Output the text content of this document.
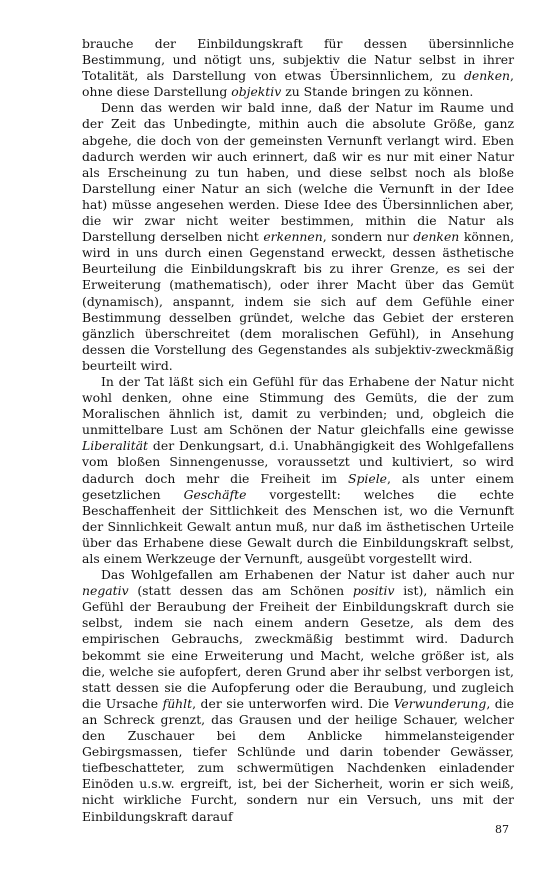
brauche der Einbildungskraft für dessen übersinnliche Bestimmung, und nötigt uns, subjektiv die Natur selbst in ihrer Totalität, als Darstellung von etwas Übersinnlichem, zu denken, ohne diese Darstellung objektiv zu Stande bringen zu können.

Denn das werden wir bald inne, daß der Natur im Raume und der Zeit das Unbedingte, mithin auch die absolute Größe, ganz abgehe, die doch von der gemeinsten Vernunft verlangt wird. Eben dadurch werden wir auch erinnert, daß wir es nur mit einer Natur als Erscheinung zu tun haben, und diese selbst noch als bloße Darstellung einer Natur an sich (welche die Vernunft in der Idee hat) müsse angesehen werden. Diese Idee des Übersinnlichen aber, die wir zwar nicht weiter bestimmen, mithin die Natur als Darstellung derselben nicht erkennen, sondern nur denken können, wird in uns durch einen Gegenstand erweckt, dessen ästhetische Beurteilung die Einbildungskraft bis zu ihrer Grenze, es sei der Erweiterung (mathematisch), oder ihrer Macht über das Gemüt (dynamisch), anspannt, indem sie sich auf dem Gefühle einer Bestimmung desselben gründet, welche das Gebiet der ersteren gänzlich überschreitet (dem moralischen Gefühl), in Ansehung dessen die Vorstellung des Gegenstandes als subjektiv-zweckmäßig beurteilt wird.

In der Tat läßt sich ein Gefühl für das Erhabene der Natur nicht wohl denken, ohne eine Stimmung des Gemüts, die der zum Moralischen ähnlich ist, damit zu verbinden; und, obgleich die unmittelbare Lust am Schönen der Natur gleichfalls eine gewisse Liberalität der Denkungsart, d.i. Unabhängigkeit des Wohlgefallens vom bloßen Sinnengenusse, voraussetzt und kultiviert, so wird dadurch doch mehr die Freiheit im Spiele, als unter einem gesetzlichen Geschäfte vorgestellt: welches die echte Beschaffenheit der Sittlichkeit des Menschen ist, wo die Vernunft der Sinnlichkeit Gewalt antun muß, nur daß im ästhetischen Urteile über das Erhabene diese Gewalt durch die Einbildungskraft selbst, als einem Werkzeuge der Vernunft, ausgeübt vorgestellt wird.

Das Wohlgefallen am Erhabenen der Natur ist daher auch nur negativ (statt dessen das am Schönen positiv ist), nämlich ein Gefühl der Beraubung der Freiheit der Einbildungskraft durch sie selbst, indem sie nach einem andern Gesetze, als dem des empirischen Gebrauchs, zweckmäßig bestimmt wird. Dadurch bekommt sie eine Erweiterung und Macht, welche größer ist, als die, welche sie aufopfert, deren Grund aber ihr selbst verborgen ist, statt dessen sie die Aufopferung oder die Beraubung, und zugleich die Ursache fühlt, der sie unterworfen wird. Die Verwunderung, die an Schreck grenzt, das Grausen und der heilige Schauer, welcher den Zuschauer bei dem Anblicke himmelansteigender Gebirgsmassen, tiefer Schlünde und darin tobender Gewässer, tiefbeschatteter, zum schwermütigen Nachdenken einladender Einöden u.s.w. ergreift, ist, bei der Sicherheit, worin er sich weiß, nicht wirkliche Furcht, sondern nur ein Versuch, uns mit der Einbildungskraft darauf

87
